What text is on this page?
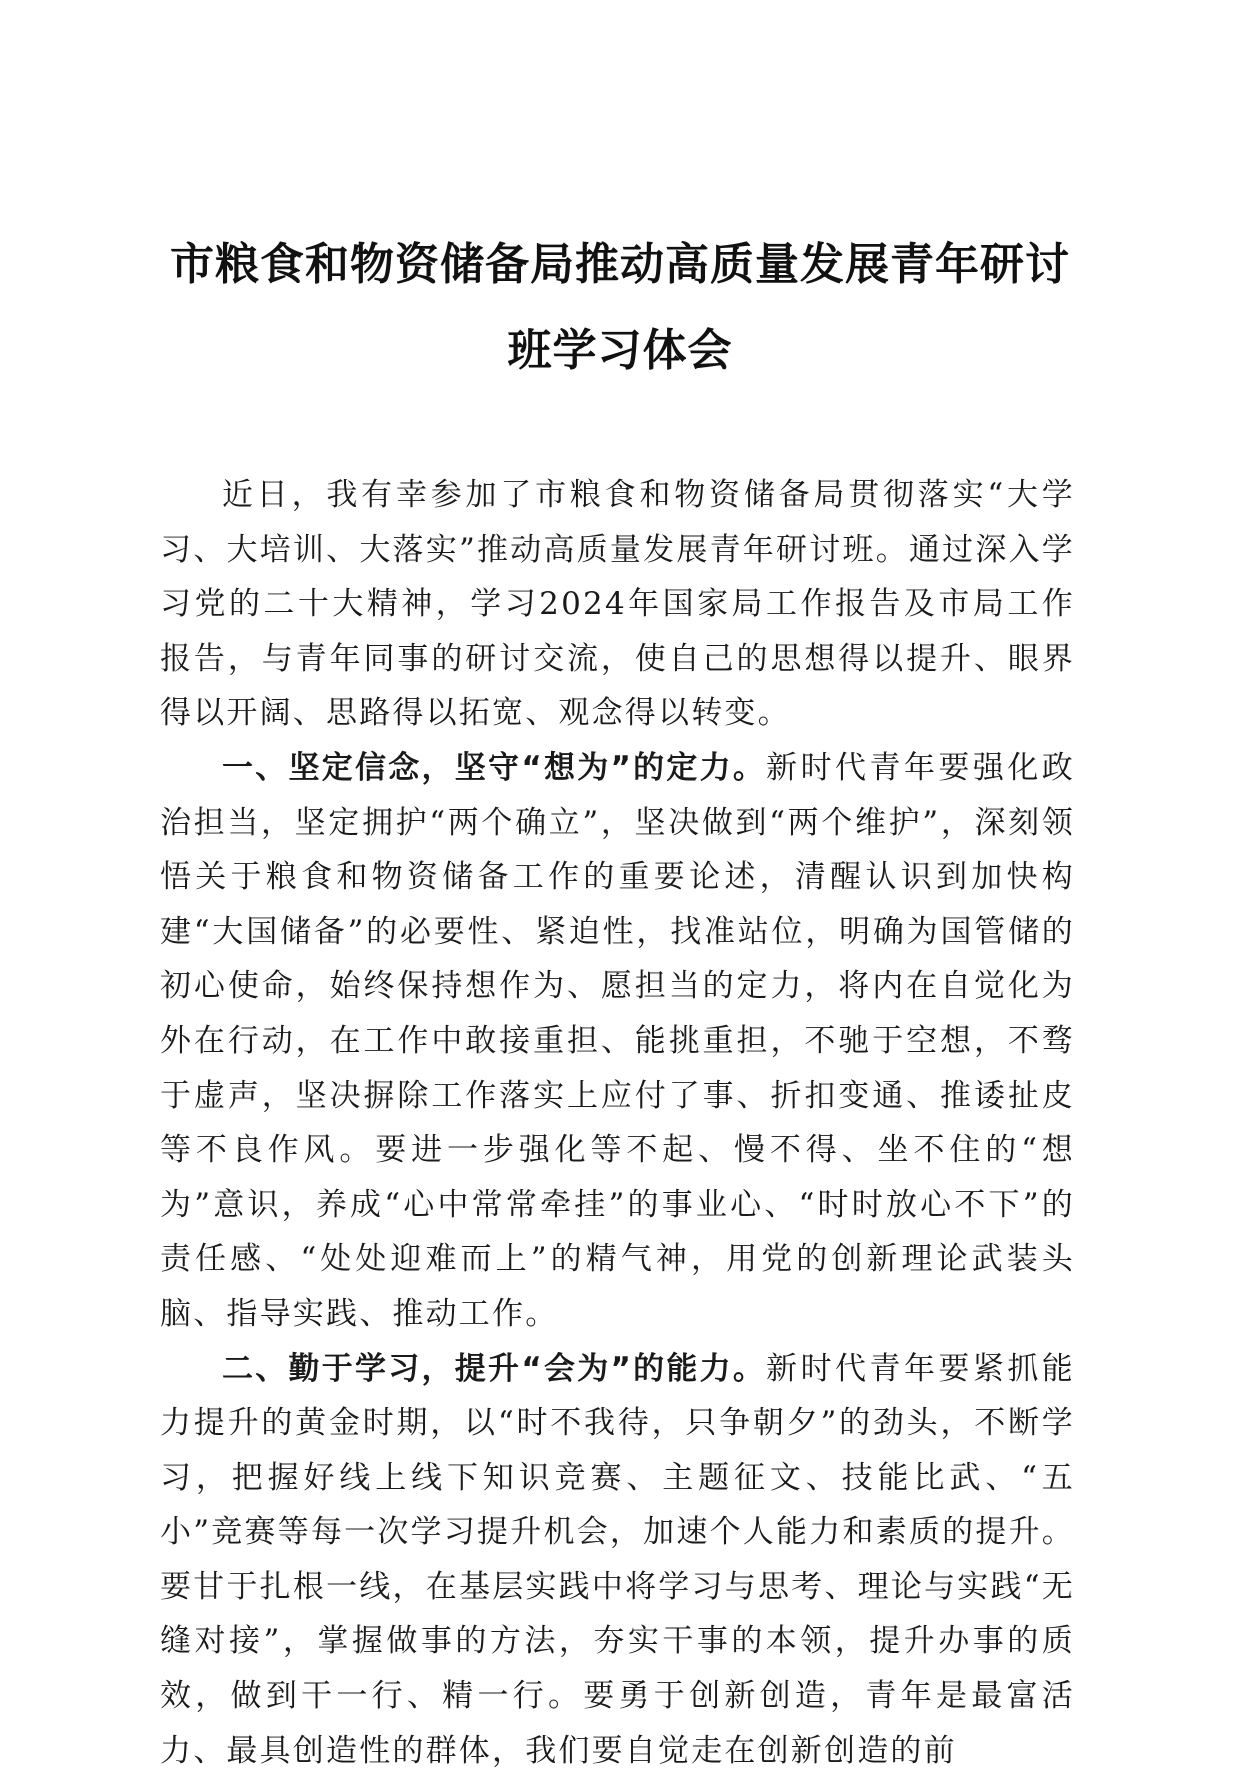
市粮食和物资储备局推动高质量发展青年研讨
班学习体会

近日，我有幸参加了市粮食和物资储备局贯彻落实“大学习、大培训、大落实”推动高质量发展青年研讨班。通过深入学习党的二十大精神，学习2024年国家局工作报告及市局工作报告，与青年同事的研讨交流，使自己的思想得以提升、眼界得以开阔、思路得以拓宽、观念得以转变。

一、坚定信念，坚守“想为”的定力。新时代青年要强化政治担当，坚定拥护“两个确立”，坚决做到“两个维护”，深刻领悟关于粮食和物资储备工作的重要论述，清醒认识到加快构建“大国储备”的必要性、紧迫性，找准站位，明确为国管储的初心使命，始终保持想作为、愿担当的定力，将内在自觉化为外在行动，在工作中敢接重担、能挑重担，不驰于空想，不骛于虚声，坚决摒除工作落实上应付了事、折扣变通、推诿扯皮等不良作风。要进一步强化等不起、慢不得、坐不住的“想为”意识，养成“心中常常牵挂”的事业心、“时时放心不下”的责任感、“处处迎难而上”的精气神，用党的创新理论武装头脑、指导实践、推动工作。

二、勤于学习，提升“会为”的能力。新时代青年要紧抓能力提升的黄金时期，以“时不我待，只争朝夕”的劲头，不断学习，把握好线上线下知识竞赛、主题征文、技能比武、“五小”竞赛等每一次学习提升机会，加速个人能力和素质的提升。要甘于扎根一线，在基层实践中将学习与思考、理论与实践“无缝对接”，掌握做事的方法，夯实干事的本领，提升办事的质效，做到干一行、精一行。要勇于创新创造，青年是最富活力、最具创造性的群体，我们要自觉走在创新创造的前
